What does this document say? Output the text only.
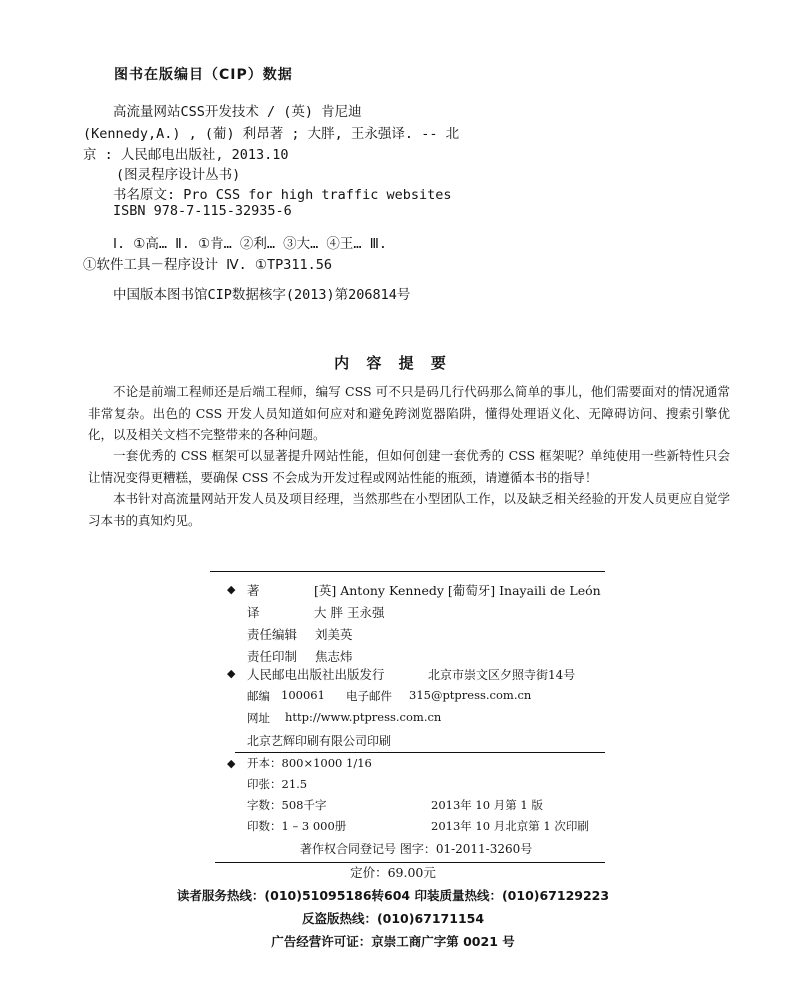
图书在版编目（CIP）数据
高流量网站CSS开发技术 / (英) 肯尼迪
(Kennedy,A.) , (葡) 利昂著 ; 大胖, 王永强译. -- 北
京 : 人民邮电出版社, 2013.10
(图灵程序设计丛书)
书名原文: Pro CSS for high traffic websites
ISBN 978-7-115-32935-6
Ⅰ. ①高… Ⅱ. ①肯… ②利… ③大… ④王… Ⅲ.
①软件工具－程序设计 Ⅳ. ①TP311.56
中国版本图书馆CIP数据核字(2013)第206814号
内 容 提 要
不论是前端工程师还是后端工程师，编写 CSS 可不只是码几行代码那么简单的事儿，他们需要面对的情况通常非常复杂。出色的 CSS 开发人员知道如何应对和避免跨浏览器陷阱，懂得处理语义化、无障碍访问、搜索引擎优化，以及相关文档不完整带来的各种问题。
一套优秀的 CSS 框架可以显著提升网站性能，但如何创建一套优秀的 CSS 框架呢？单纯使用一些新特性只会让情况变得更糟糕，要确保 CSS 不会成为开发过程或网站性能的瓶颈，请遵循本书的指导！
本书针对高流量网站开发人员及项目经理，当然那些在小型团队工作，以及缺乏相关经验的开发人员更应自觉学习本书的真知灼见。
◆ 著	[英] Antony Kennedy [葡萄牙] Inayaili de León
译	大 胖 王永强
责任编辑 刘美英
责任印制 焦志炜
◆ 人民邮电出版社出版发行	北京市崇文区夕照寺街14号
邮编 100061 电子邮件 315@ptpress.com.cn
网址 http://www.ptpress.com.cn
北京艺辉印刷有限公司印刷
◆ 开本：800×1000 1/16
印张：21.5
字数：508千字	2013年 10 月第 1 版
印数：1 – 3 000册	2013年 10 月北京第 1 次印刷
著作权合同登记号 图字：01-2011-3260号
定价：69.00元
读者服务热线：(010)51095186转604 印装质量热线：(010)67129223
反盗版热线：(010)67171154
广告经营许可证：京崇工商广字第 0021 号
